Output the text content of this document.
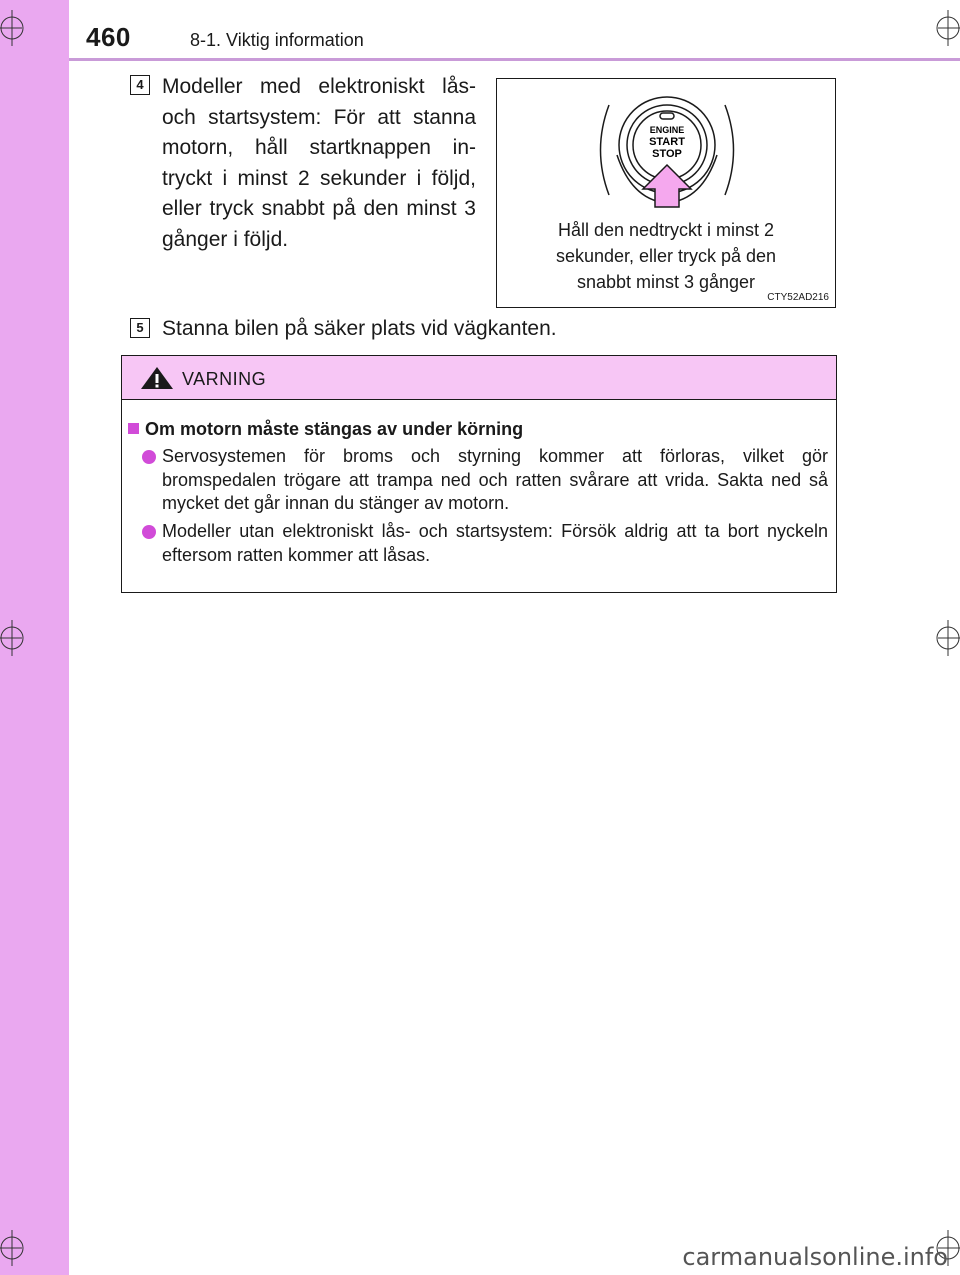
460	8-1. Viktig information
4 Modeller med elektroniskt lås- och startsystem: För att stanna motorn, håll startknappen in-tryckt i minst 2 sekunder i följd, eller tryck snabbt på den minst 3 gånger i följd.
ENGINE
START
STOP
Håll den nedtryckt i minst 2
sekunder, eller tryck på den
snabbt minst 3 gånger
CTY52AD216
5 Stanna bilen på säker plats vid vägkanten.
VARNING
Om motorn måste stängas av under körning
Servosystemen för broms och styrning kommer att förloras, vilket gör bromspedalen trögare att trampa ned och ratten svårare att vrida. Sakta ned så mycket det går innan du stänger av motorn.
Modeller utan elektroniskt lås- och startsystem: Försök aldrig att ta bort nyckeln eftersom ratten kommer att låsas.
carmanualsonline.info
